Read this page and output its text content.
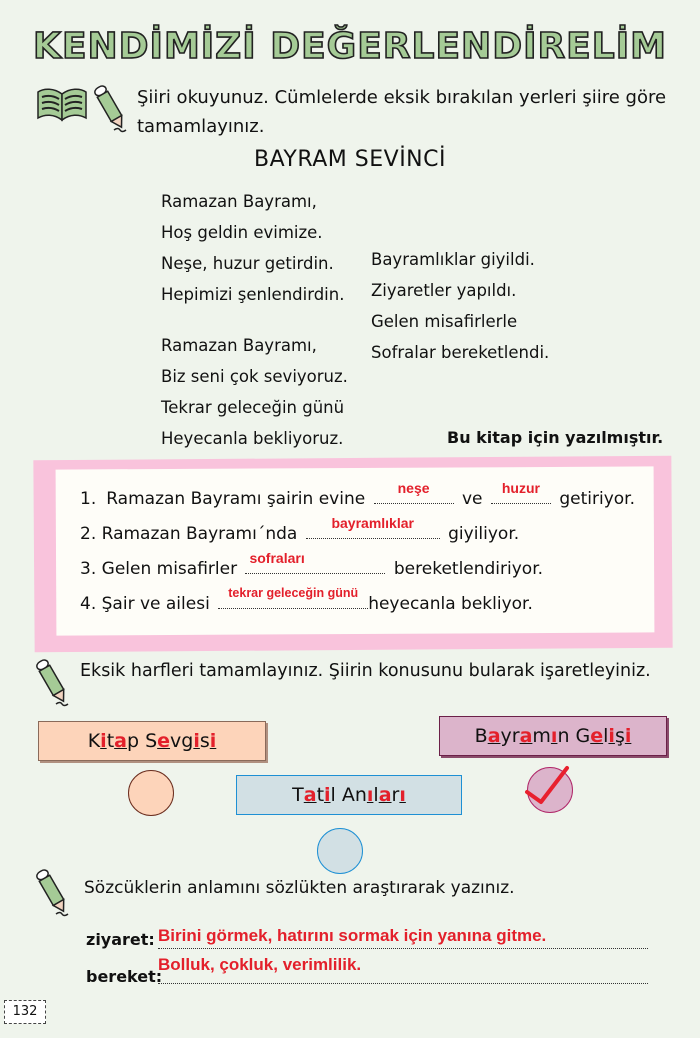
KENDİMİZİ DEĞERLENDİRELİM
Şiiri okuyunuz. Cümlelerde eksik bırakılan yerleri şiire göre
tamamlayınız.
BAYRAM SEVİNCİ
Ramazan Bayramı,
Hoş geldin evimize.
Neşe, huzur getirdin.
Hepimizi şenlendirdin.
Ramazan Bayramı,
Biz seni çok seviyoruz.
Tekrar geleceğin günü
Heyecanla bekliyoruz.
Bayramlıklar giyildi.
Ziyaretler yapıldı.
Gelen misafirlerle
Sofralar bereketlendi.
Bu kitap için yazılmıştır.
1. Ramazan Bayramı şairin evine
neşe
ve
huzur
getiriyor.
2. Ramazan Bayramı´nda
bayramlıklar
giyiliyor.
3. Gelen misafirler
sofraları
bereketlendiriyor.
4. Şair ve ailesi
tekrar geleceğin günü
heyecanla bekliyor.
Eksik harfleri tamamlayınız. Şiirin konusunu bularak işaretleyiniz.
Kitap Sevgisi
Tatil Anıları
Bayramın Gelişi
Sözcüklerin anlamını sözlükten araştırarak yazınız.
ziyaret: Birini görmek, hatırını sormak için yanına gitme.
bereket:
Bolluk, çokluk, verimlilik.
132
